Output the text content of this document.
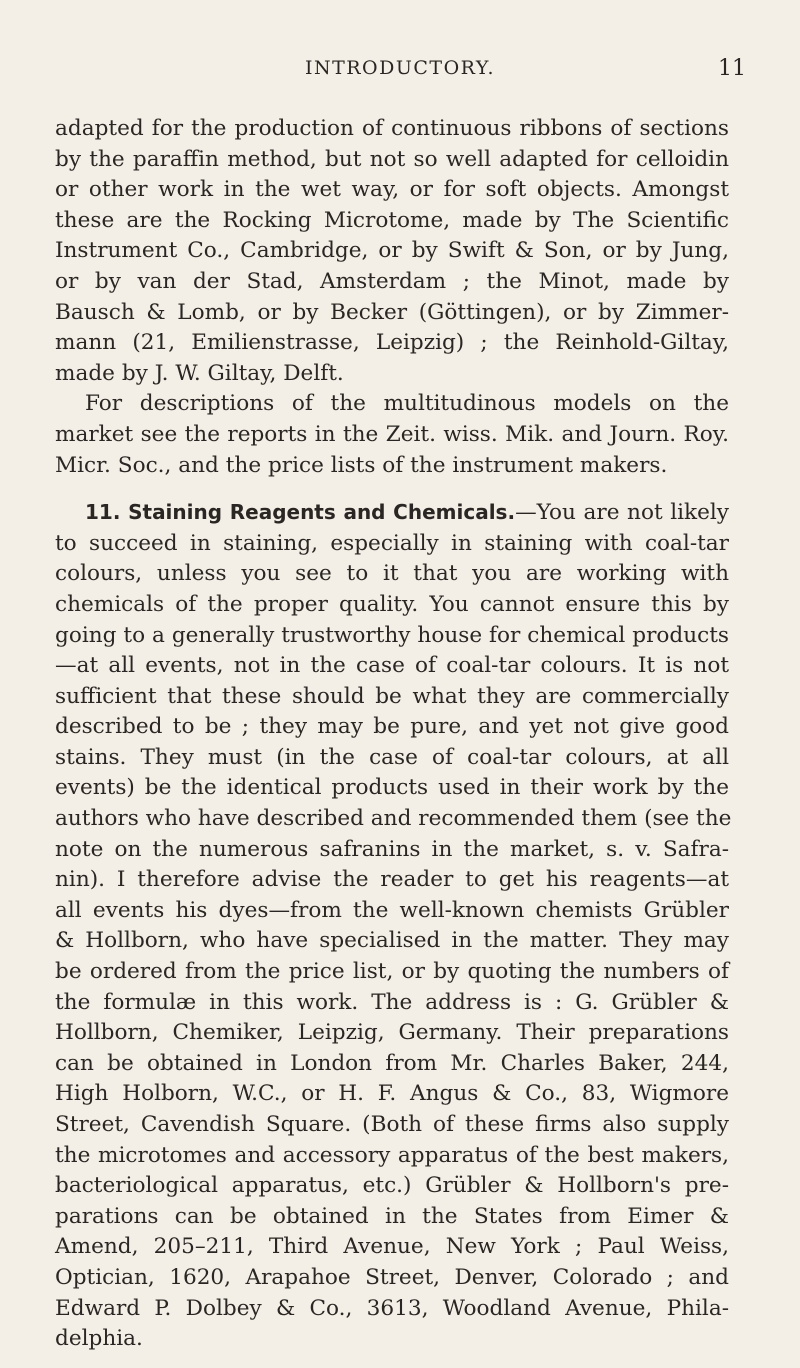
INTRODUCTORY.	11
adapted for the production of continuous ribbons of sections
by the paraffin method, but not so well adapted for celloidin
or other work in the wet way, or for soft objects. Amongst
these are the Rocking Microtome, made by The Scientific
Instrument Co., Cambridge, or by Swift & Son, or by Jung,
or by van der Stad, Amsterdam ; the Minot, made by
Bausch & Lomb, or by Becker (Göttingen), or by Zimmer-
mann (21, Emilienstrasse, Leipzig) ; the Reinhold-Giltay,
made by J. W. Giltay, Delft.
For descriptions of the multitudinous models on the
market see the reports in the Zeit. wiss. Mik. and Journ. Roy.
Micr. Soc., and the price lists of the instrument makers.
11. Staining Reagents and Chemicals.—You are not likely
to succeed in staining, especially in staining with coal-tar
colours, unless you see to it that you are working with
chemicals of the proper quality. You cannot ensure this by
going to a generally trustworthy house for chemical products
—at all events, not in the case of coal-tar colours. It is not
sufficient that these should be what they are commercially
described to be ; they may be pure, and yet not give good
stains. They must (in the case of coal-tar colours, at all
events) be the identical products used in their work by the
authors who have described and recommended them (see the
note on the numerous safranins in the market, s. v. Safra-
nin). I therefore advise the reader to get his reagents—at
all events his dyes—from the well-known chemists Grübler
& Hollborn, who have specialised in the matter. They may
be ordered from the price list, or by quoting the numbers of
the formulæ in this work. The address is : G. Grübler &
Hollborn, Chemiker, Leipzig, Germany. Their preparations
can be obtained in London from Mr. Charles Baker, 244,
High Holborn, W.C., or H. F. Angus & Co., 83, Wigmore
Street, Cavendish Square. (Both of these firms also supply
the microtomes and accessory apparatus of the best makers,
bacteriological apparatus, etc.) Grübler & Hollborn's pre-
parations can be obtained in the States from Eimer &
Amend, 205–211, Third Avenue, New York ; Paul Weiss,
Optician, 1620, Arapahoe Street, Denver, Colorado ; and
Edward P. Dolbey & Co., 3613, Woodland Avenue, Phila-
delphia.
